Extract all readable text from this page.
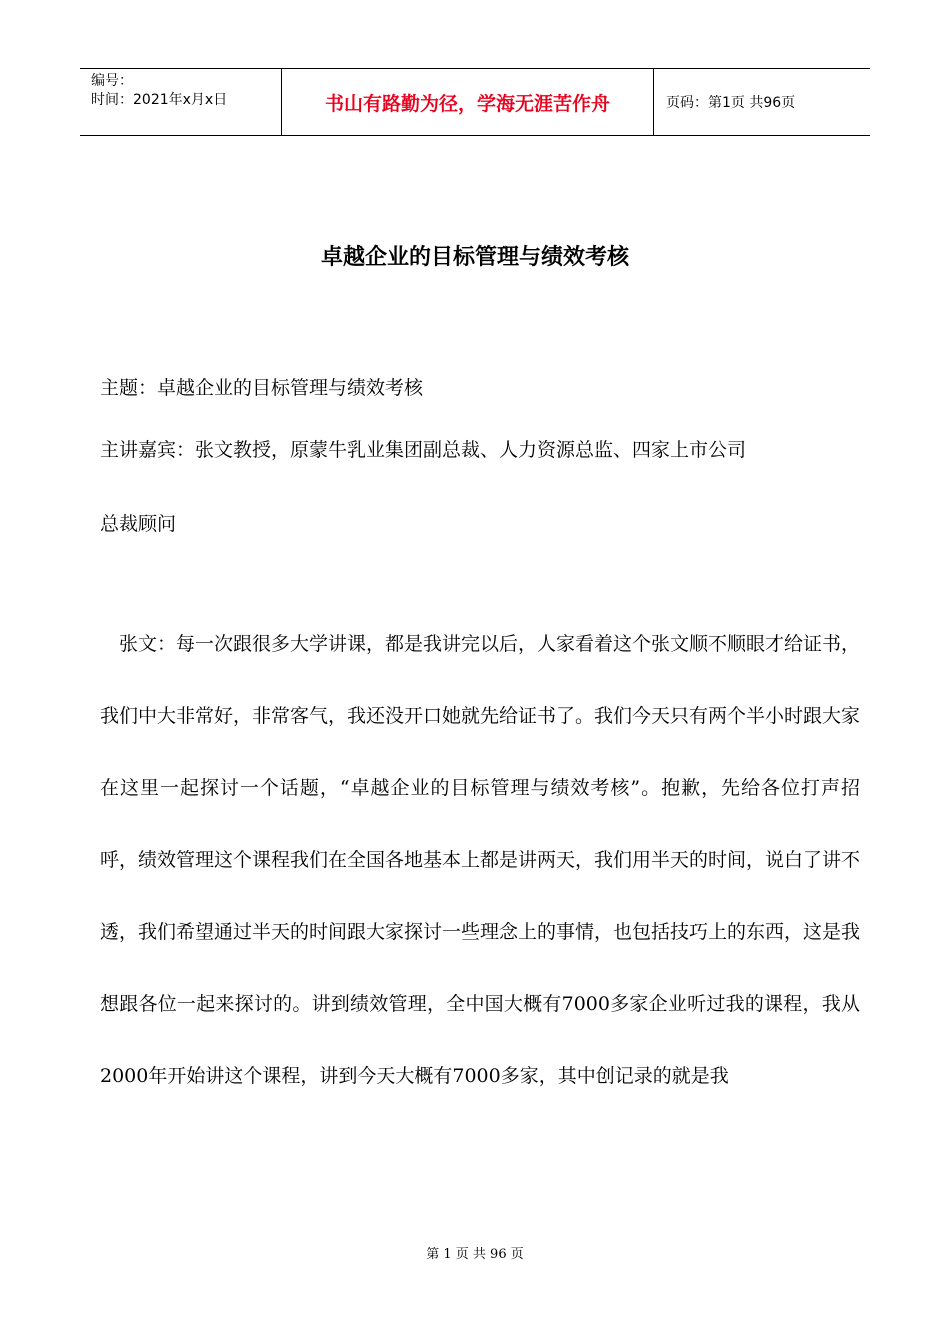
编号：
时间：2021年x月x日	书山有路勤为径，学海无涯苦作舟	页码：第1页 共96页
卓越企业的目标管理与绩效考核
主题：卓越企业的目标管理与绩效考核
主讲嘉宾：张文教授，原蒙牛乳业集团副总裁、人力资源总监、四家上市公司
总裁顾问

张文：每一次跟很多大学讲课，都是我讲完以后，人家看着这个张文顺不顺眼才给证书，我们中大非常好，非常客气，我还没开口她就先给证书了。我们今天只有两个半小时跟大家在这里一起探讨一个话题，“卓越企业的目标管理与绩效考核”。抱歉，先给各位打声招呼，绩效管理这个课程我们在全国各地基本上都是讲两天，我们用半天的时间，说白了讲不透，我们希望通过半天的时间跟大家探讨一些理念上的事情，也包括技巧上的东西，这是我想跟各位一起来探讨的。讲到绩效管理，全中国大概有7000多家企业听过我的课程，我从2000年开始讲这个课程，讲到今天大概有7000多家，其中创记录的就是我

第 1 页 共 96 页
